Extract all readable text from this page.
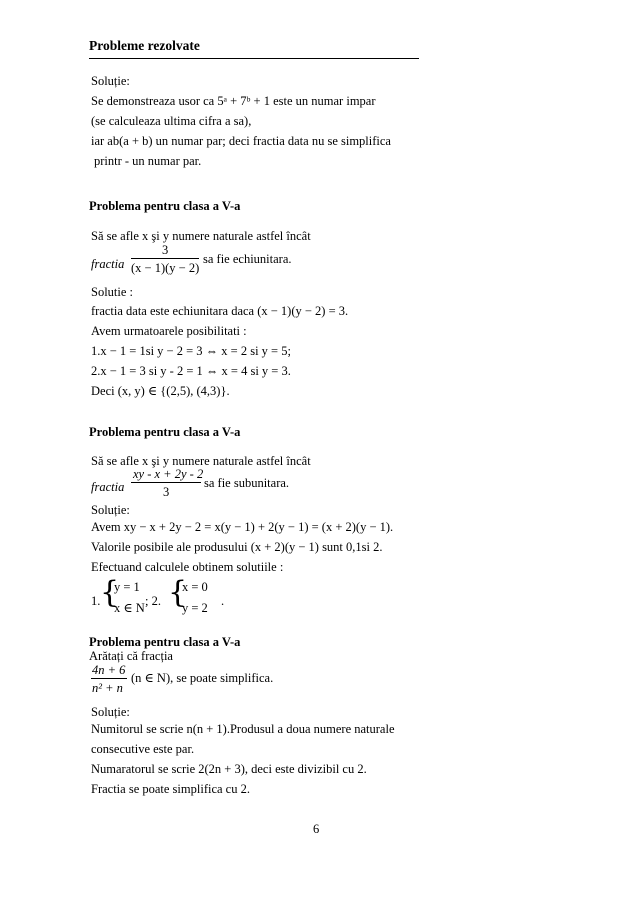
Probleme rezolvate
Soluție:
Se demonstreaza usor ca 5ᵃ + 7ᵇ + 1 este un numar impar
(se calculeaza ultima cifra a sa),
iar ab(a + b) un numar par; deci fractia data nu se simplifica
printr - un numar par.
Problema pentru clasa a V-a
Să se afle x şi y numere naturale astfel încât
fractia
3
(x − 1)(y − 2)
sa fie echiunitara.
Solutie :
fractia data este echiunitara daca (x − 1)(y − 2) = 3.
Avem urmatoarele posibilitati :
1.x − 1 = 1si y − 2 = 3 ⇔ x = 2 si y = 5;
2.x − 1 = 3 si y - 2 = 1 ⇔ x = 4 si y = 3.
Deci (x, y) ∈ {(2,5), (4,3)}.
Problema pentru clasa a V-a
Să se afle x şi y numere naturale astfel încât
fractia
xy - x + 2y - 2
3
sa fie subunitara.
Soluție:
Avem xy − x + 2y − 2 = x(y − 1) + 2(y − 1) = (x + 2)(y − 1).
Valorile posibile ale produsului (x + 2)(y − 1) sunt 0,1si 2.
Efectuand calculele obtinem solutiile :
1. {
y = 1
x ∈ N ; 2. {
x = 0
y = 2 .
Problema pentru clasa a V-a
Arătați că fracția
4n + 6
n² + n
(n ∈ N), se poate simplifica.
Soluție:
Numitorul se scrie n(n + 1).Produsul a doua numere naturale
consecutive este par.
Numaratorul se scrie 2(2n + 3), deci este divizibil cu 2.
Fractia se poate simplifica cu 2.
6
